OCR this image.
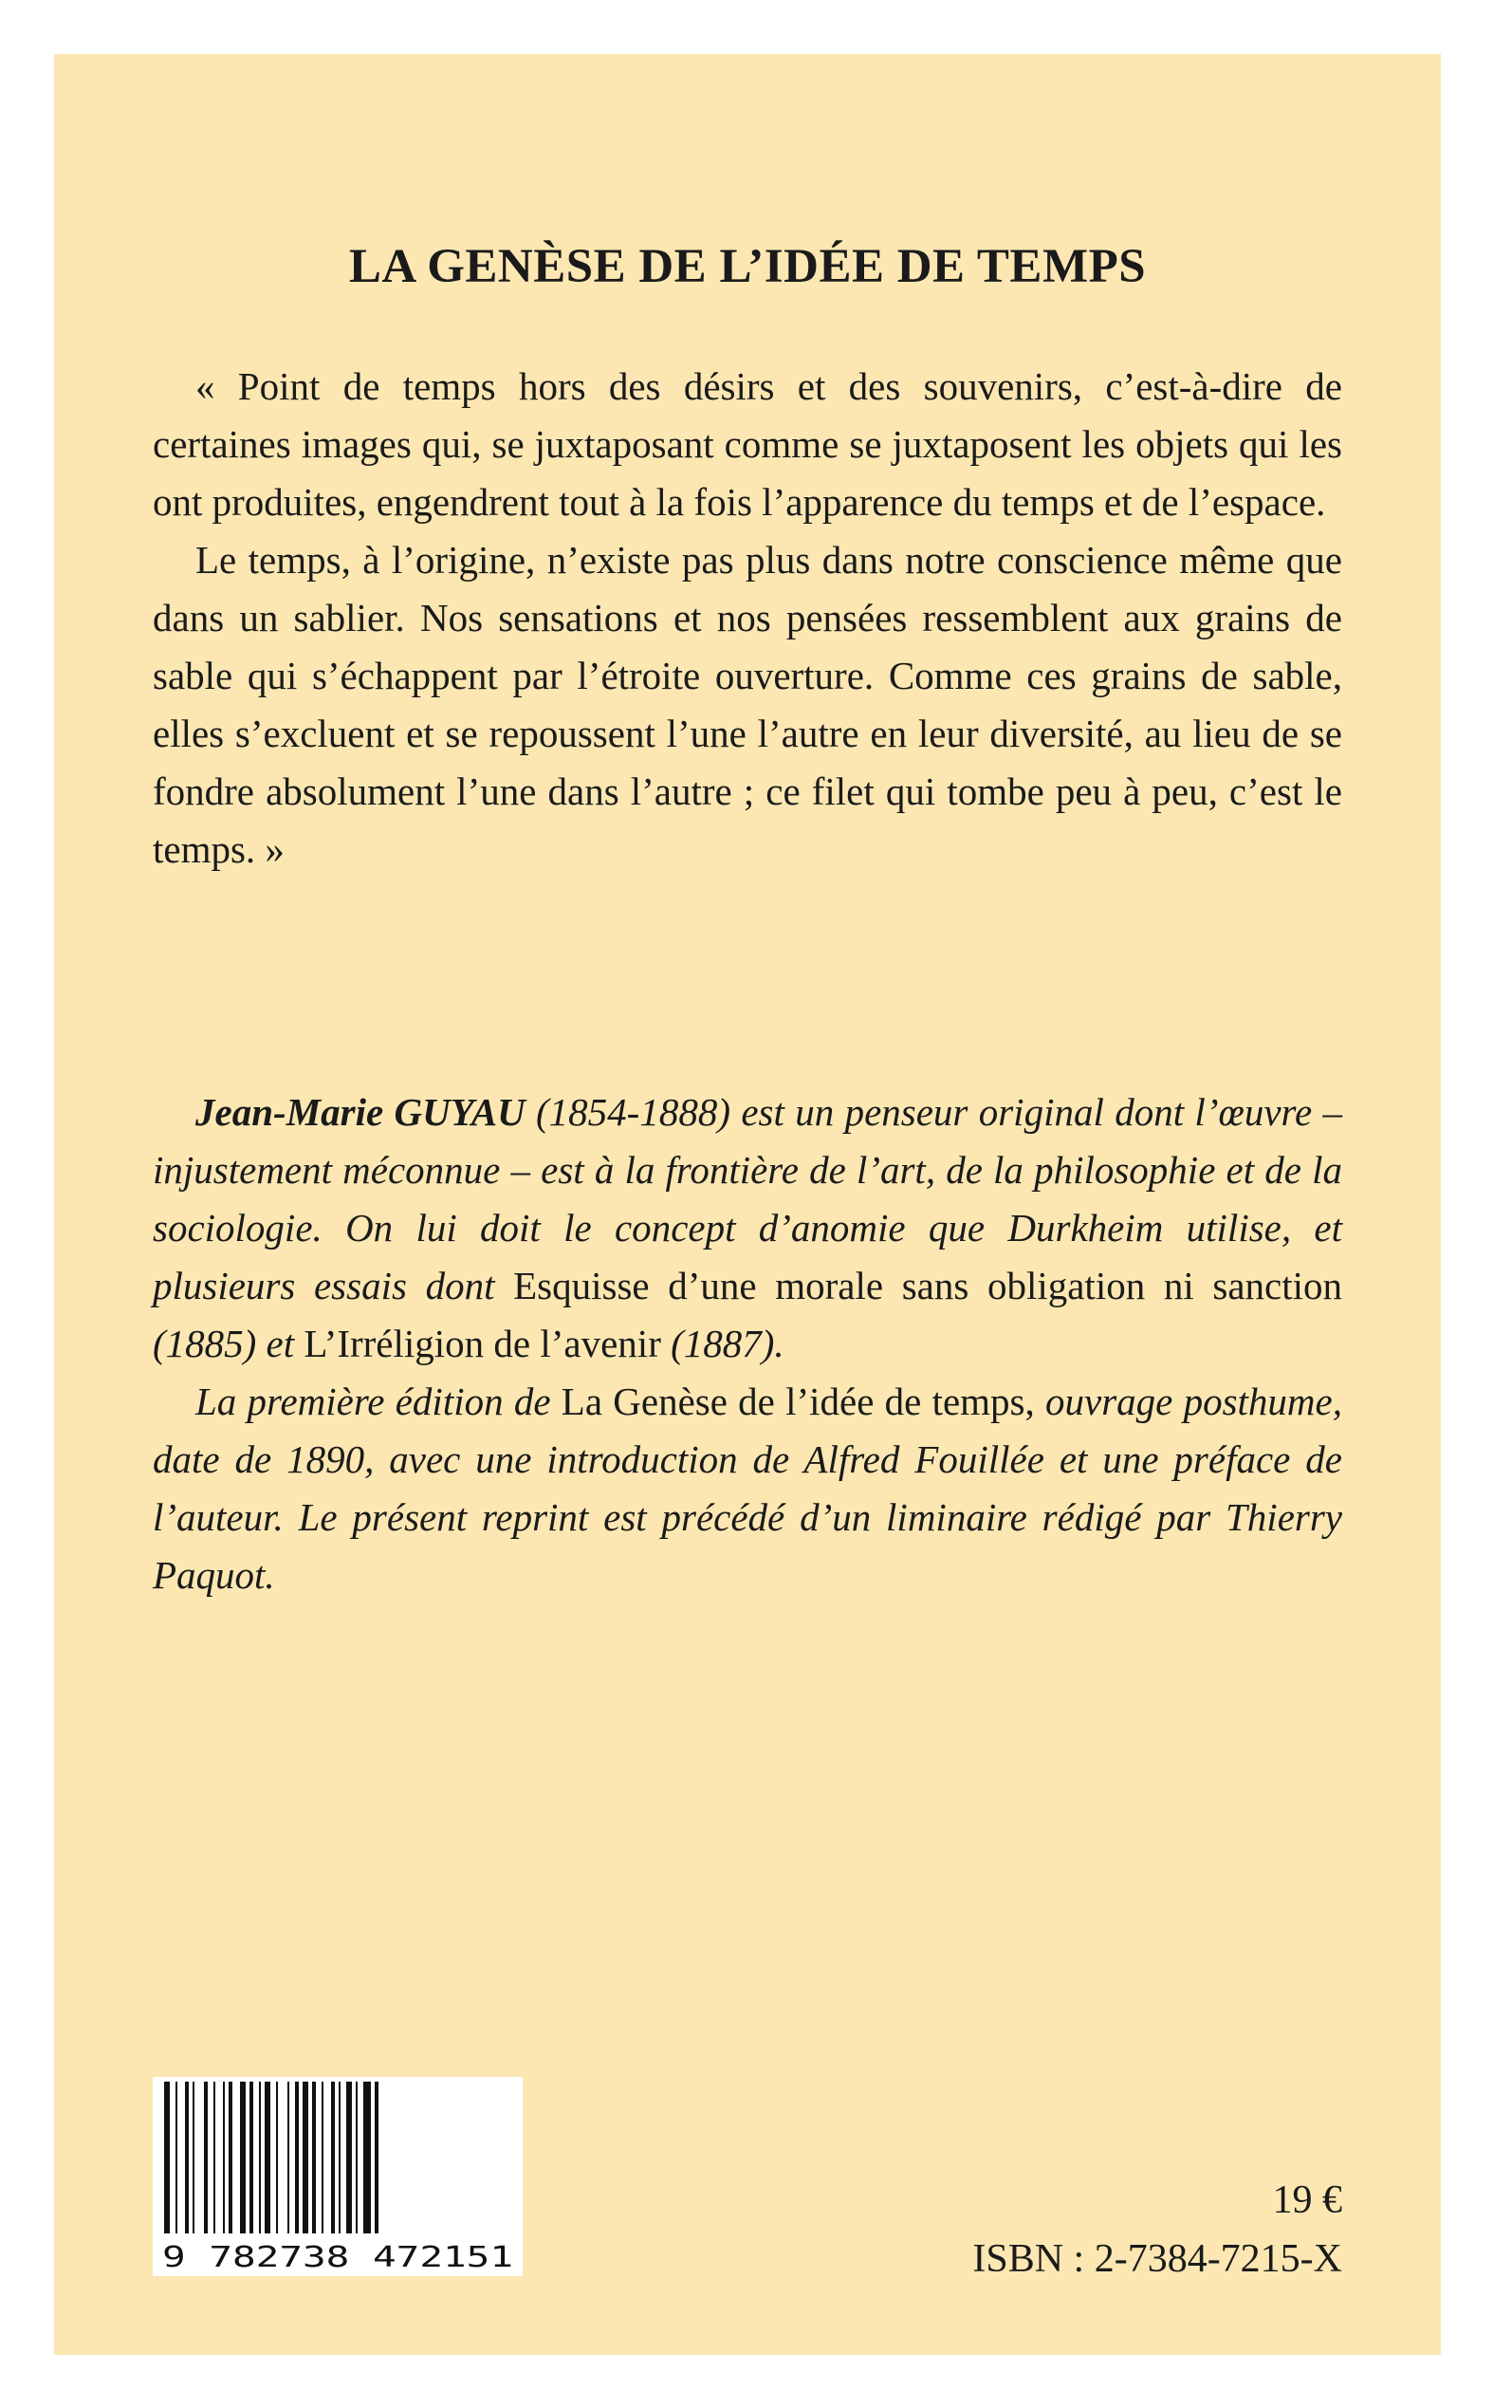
LA GENÈSE DE L’IDÉE DE TEMPS

« Point de temps hors des désirs et des souvenirs, c’est-à-dire de certaines images qui, se juxtaposant comme se juxtaposent les objets qui les ont produites, engendrent tout à la fois l’apparence du temps et de l’espace.

Le temps, à l’origine, n’existe pas plus dans notre conscience même que dans un sablier. Nos sensations et nos pensées ressemblent aux grains de sable qui s’échappent par l’étroite ouverture. Comme ces grains de sable, elles s’excluent et se repoussent l’une l’autre en leur diversité, au lieu de se fondre absolument l’une dans l’autre ; ce filet qui tombe peu à peu, c’est le temps. »

Jean-Marie GUYAU (1854-1888) est un penseur original dont l’œuvre – injustement méconnue – est à la frontière de l’art, de la philosophie et de la sociologie. On lui doit le concept d’anomie que Durkheim utilise, et plusieurs essais dont Esquisse d’une morale sans obligation ni sanction (1885) et L’Irréligion de l’avenir (1887).

La première édition de La Genèse de l’idée de temps, ouvrage posthume, date de 1890, avec une introduction de Alfred Fouillée et une préface de l’auteur. Le présent reprint est précédé d’un liminaire rédigé par Thierry Paquot.

9 782738 472151
19 €
ISBN : 2-7384-7215-X
